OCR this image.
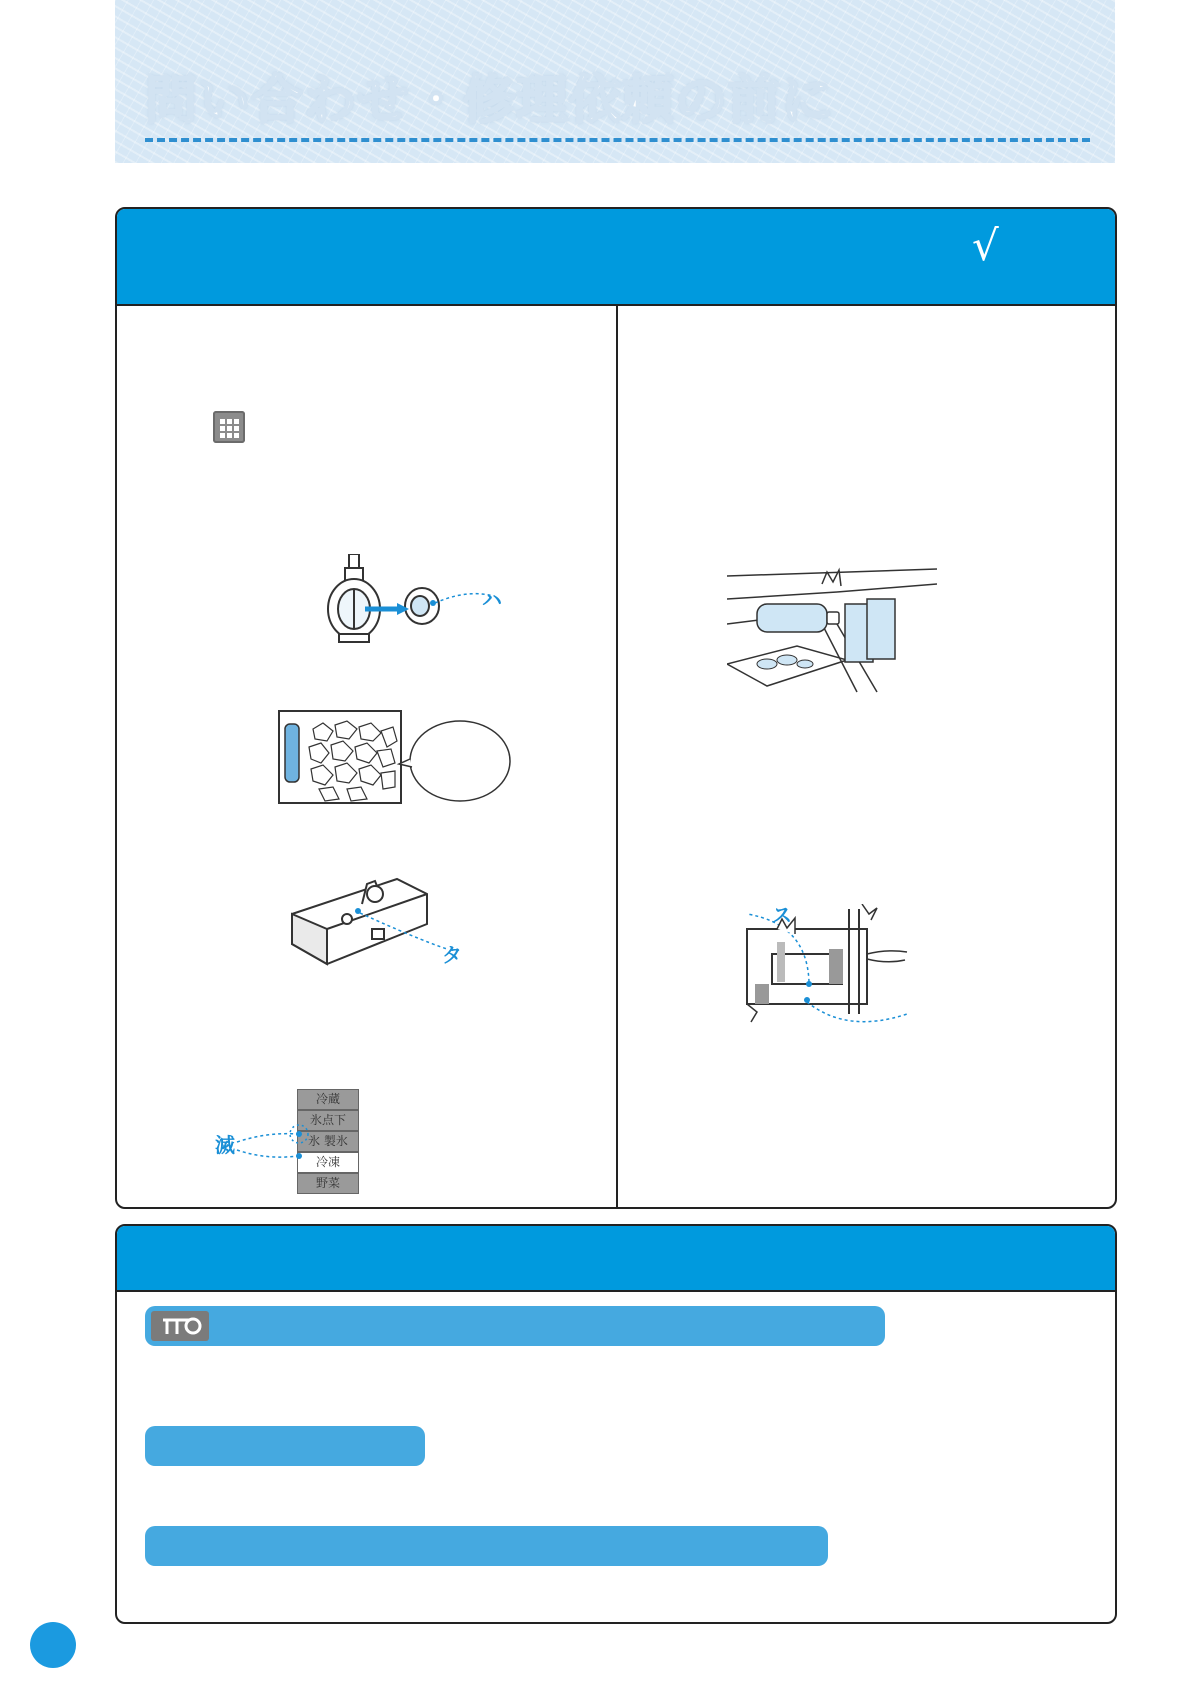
問い合わせ・修理依頼の前に
√
ハ
タ
冷蔵
氷点下
氷 製氷
冷凍
野菜
滅
ス
